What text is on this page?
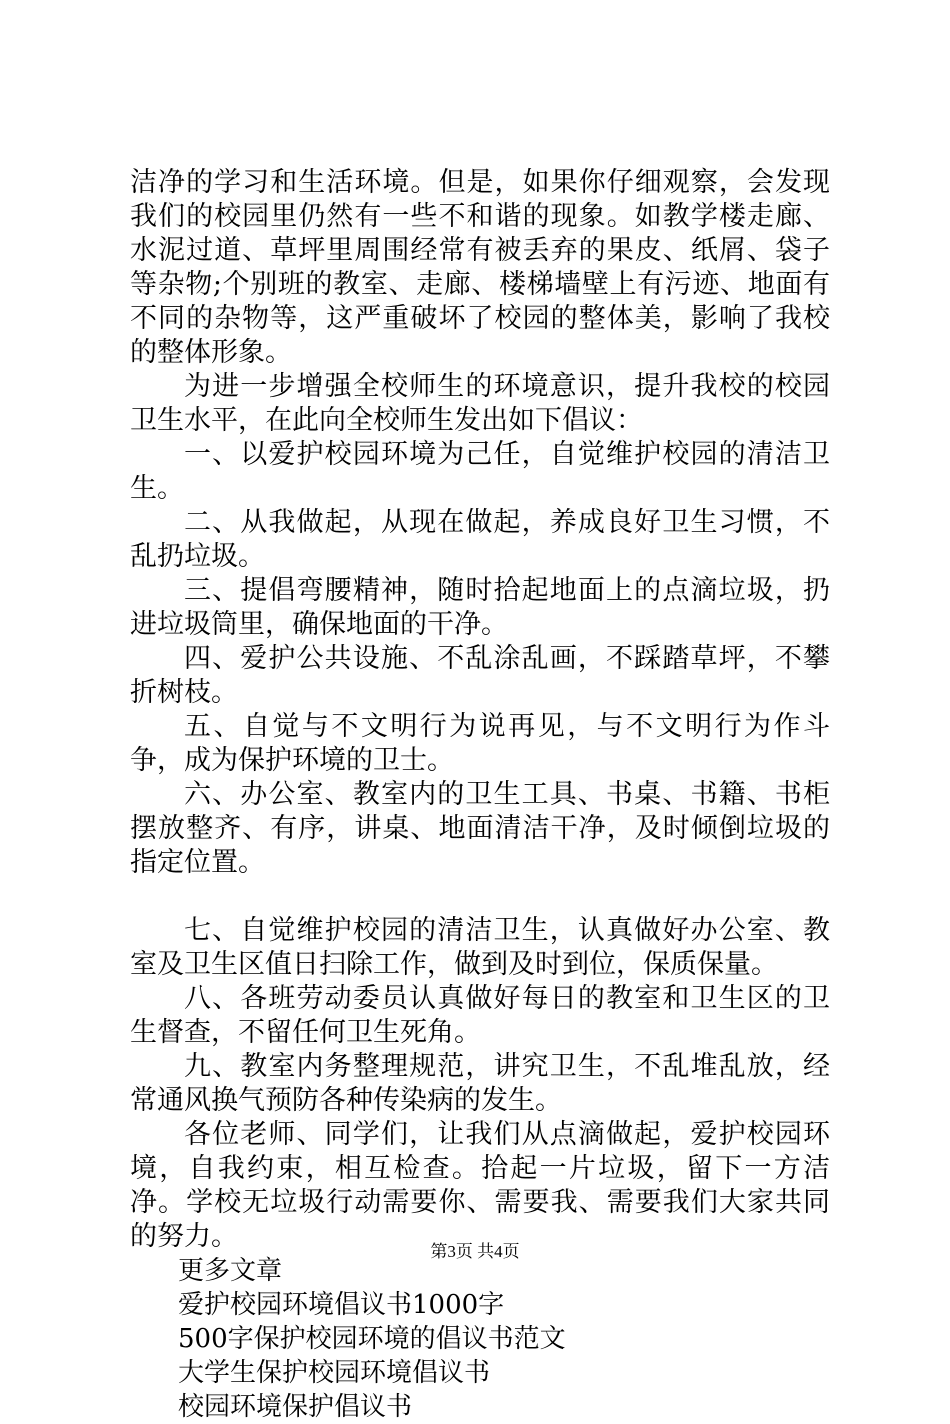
洁净的学习和生活环境。但是，如果你仔细观察，会发现我们的校园里仍然有一些不和谐的现象。如教学楼走廊、水泥过道、草坪里周围经常有被丢弃的果皮、纸屑、袋子等杂物;个别班的教室、走廊、楼梯墙壁上有污迹、地面有不同的杂物等，这严重破坏了校园的整体美，影响了我校的整体形象。

为进一步增强全校师生的环境意识，提升我校的校园卫生水平，在此向全校师生发出如下倡议：

一、以爱护校园环境为己任，自觉维护校园的清洁卫生。

二、从我做起，从现在做起，养成良好卫生习惯，不乱扔垃圾。

三、提倡弯腰精神，随时拾起地面上的点滴垃圾，扔进垃圾筒里，确保地面的干净。

四、爱护公共设施、不乱涂乱画，不踩踏草坪，不攀折树枝。

五、自觉与不文明行为说再见，与不文明行为作斗争，成为保护环境的卫士。

六、办公室、教室内的卫生工具、书桌、书籍、书柜摆放整齐、有序，讲桌、地面清洁干净，及时倾倒垃圾的指定位置。

七、自觉维护校园的清洁卫生，认真做好办公室、教室及卫生区值日扫除工作，做到及时到位，保质保量。

八、各班劳动委员认真做好每日的教室和卫生区的卫生督查，不留任何卫生死角。

九、教室内务整理规范，讲究卫生，不乱堆乱放，经常通风换气预防各种传染病的发生。

各位老师、同学们，让我们从点滴做起，爱护校园环境，自我约束，相互检查。拾起一片垃圾，留下一方洁净。学校无垃圾行动需要你、需要我、需要我们大家共同的努力。

更多文章
爱护校园环境倡议书1000字
500字保护校园环境的倡议书范文
大学生保护校园环境倡议书
校园环境保护倡议书
第3页 共4页
